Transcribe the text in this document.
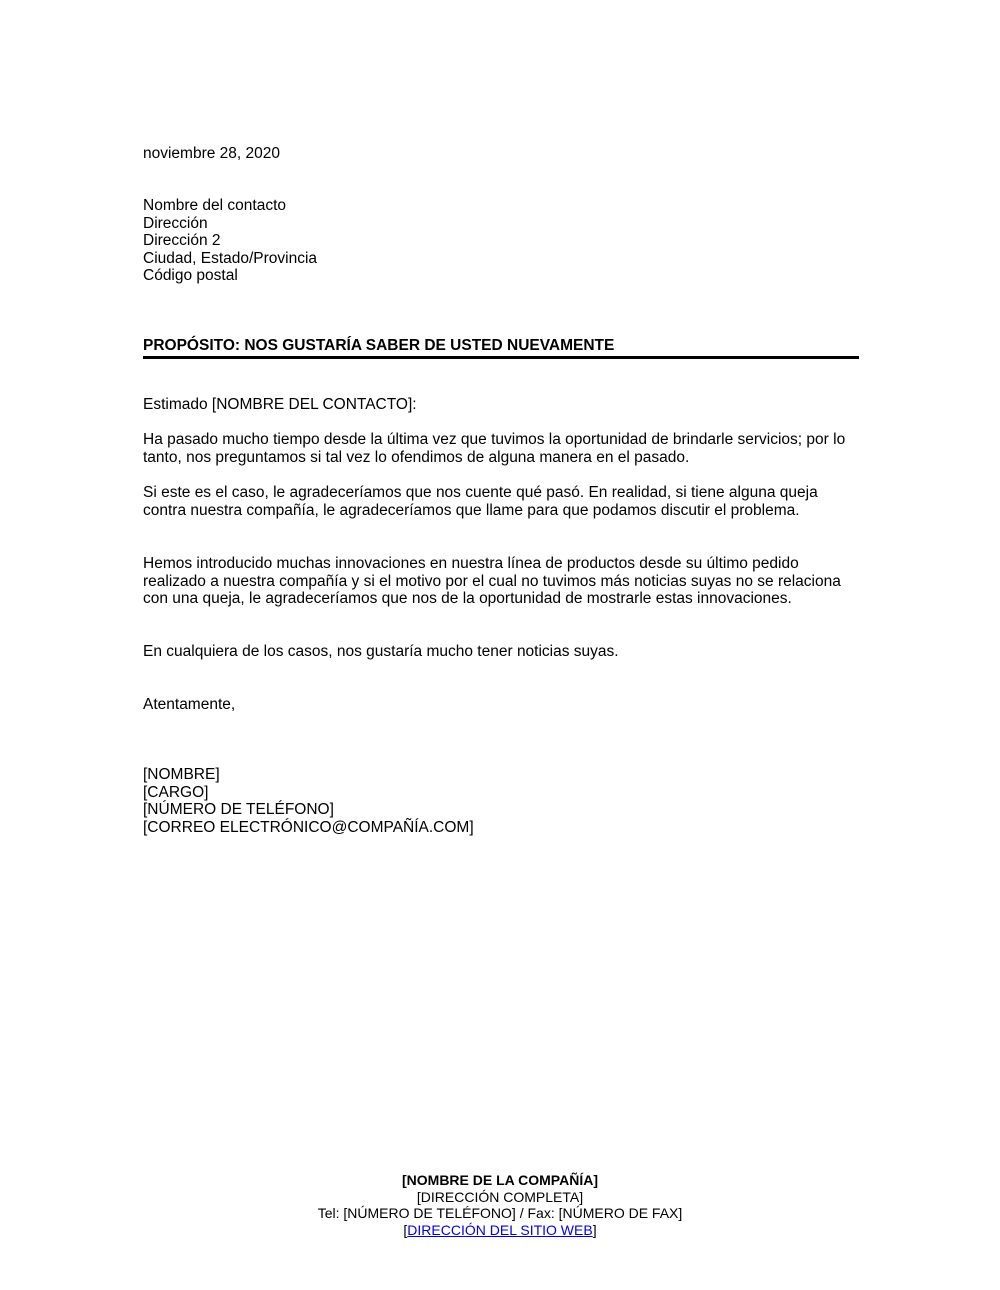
noviembre 28, 2020
Nombre del contacto
Dirección
Dirección 2
Ciudad, Estado/Provincia
Código postal
PROPÓSITO: NOS GUSTARÍA SABER DE USTED NUEVAMENTE
Estimado [NOMBRE DEL CONTACTO]:
Ha pasado mucho tiempo desde la última vez que tuvimos la oportunidad de brindarle servicios; por lo tanto, nos preguntamos si tal vez lo ofendimos de alguna manera en el pasado.
Si este es el caso, le agradeceríamos que nos cuente qué pasó. En realidad, si tiene alguna queja contra nuestra compañía, le agradeceríamos que llame para que podamos discutir el problema.
Hemos introducido muchas innovaciones en nuestra línea de productos desde su último pedido realizado a nuestra compañía y si el motivo por el cual no tuvimos más noticias suyas no se relaciona con una queja, le agradeceríamos que nos de la oportunidad de mostrarle estas innovaciones.
En cualquiera de los casos, nos gustaría mucho tener noticias suyas.
Atentamente,
[NOMBRE]
[CARGO]
[NÚMERO DE TELÉFONO]
[CORREO ELECTRÓNICO@COMPAÑÍA.COM]
[NOMBRE DE LA COMPAÑÍA]
[DIRECCIÓN COMPLETA]
Tel: [NÚMERO DE TELÉFONO] / Fax: [NÚMERO DE FAX]
[DIRECCIÓN DEL SITIO WEB]
